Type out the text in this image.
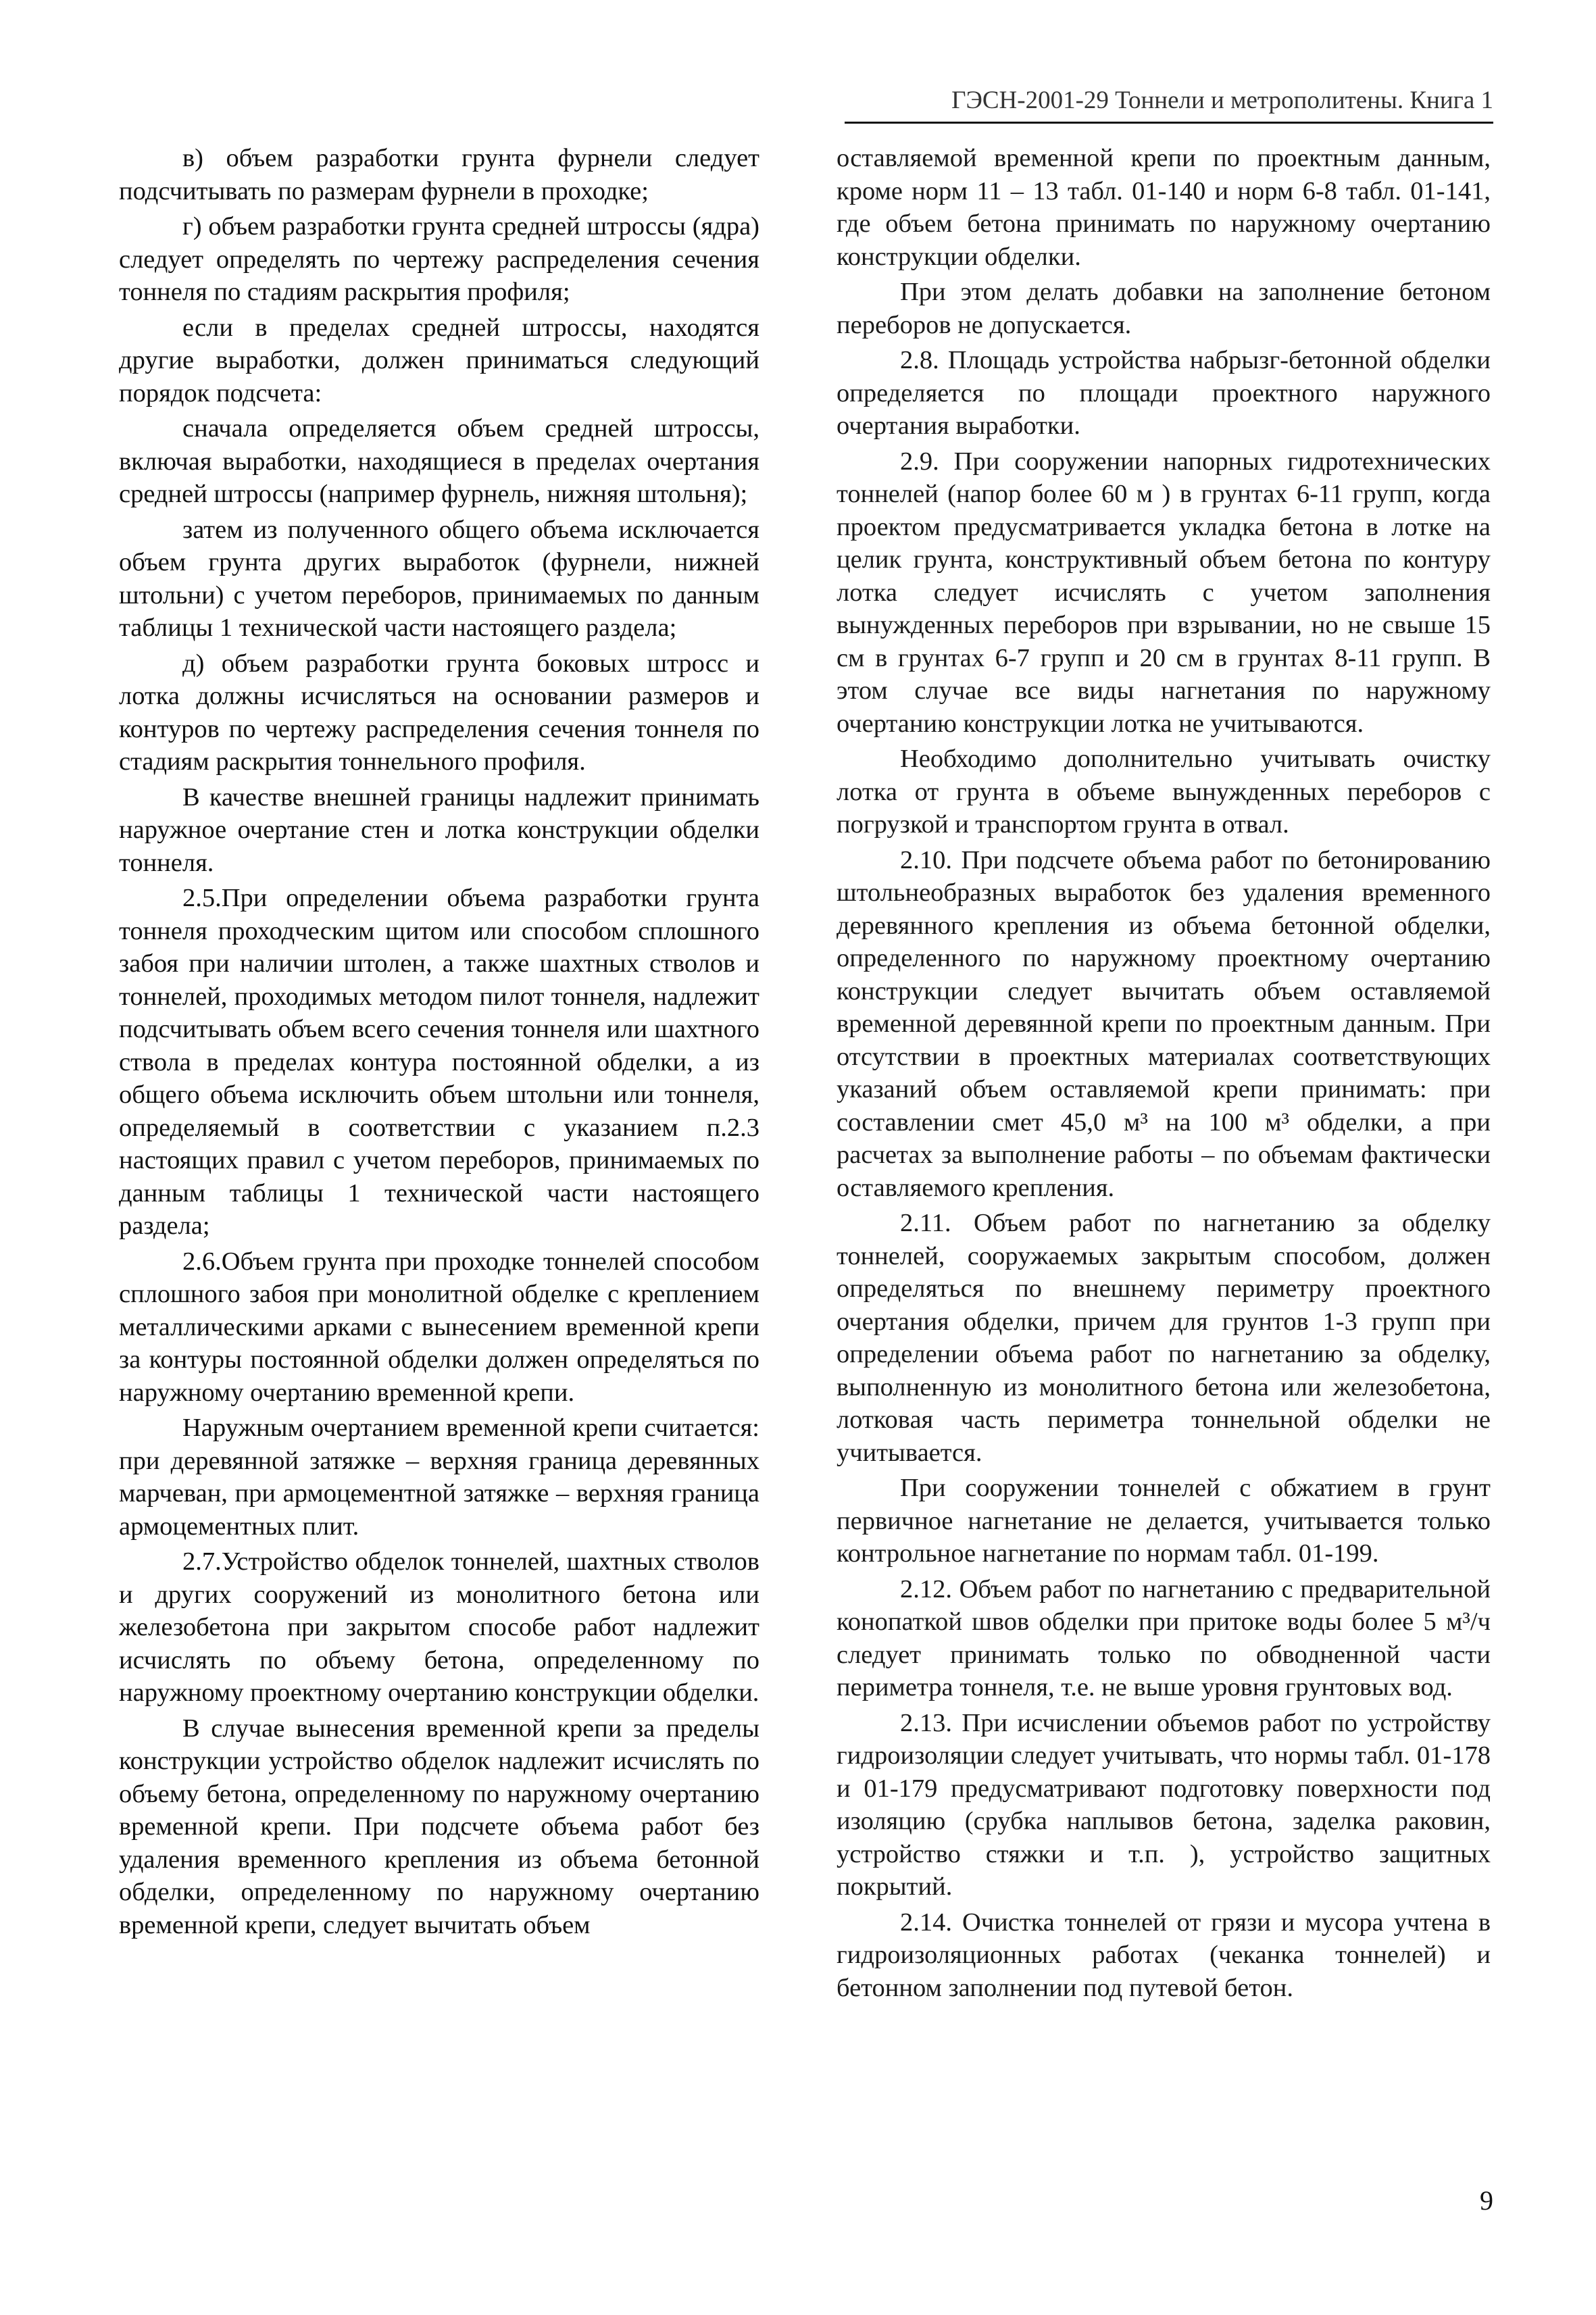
ГЭСН-2001-29 Тоннели и метрополитены. Книга 1

в) объем разработки грунта фурнели следует подсчитывать по размерам фурнели в проходке;

г) объем разработки грунта средней штроссы (ядра) следует определять по чертежу распределения сечения тоннеля по стадиям раскрытия профиля;

если в пределах средней штроссы, находятся другие выработки, должен приниматься следующий порядок подсчета:

сначала определяется объем средней штроссы, включая выработки, находящиеся в пределах очертания средней штроссы (например фурнель, нижняя штольня);

затем из полученного общего объема исключается объем грунта других выработок (фурнели, нижней штольни) с учетом переборов, принимаемых по данным таблицы 1 технической части настоящего раздела;

д) объем разработки грунта боковых штросс и лотка должны исчисляться на основании размеров и контуров по чертежу распределения сечения тоннеля по стадиям раскрытия тоннельного профиля.

В качестве внешней границы надлежит принимать наружное очертание стен и лотка конструкции обделки тоннеля.

2.5.При определении объема разработки грунта тоннеля проходческим щитом или способом сплошного забоя при наличии штолен, а также шахтных стволов и тоннелей, проходимых методом пилот тоннеля, надлежит подсчитывать объем всего сечения тоннеля или шахтного ствола в пределах контура постоянной обделки, а из общего объема исключить объем штольни или тоннеля, определяемый в соответствии с указанием п.2.3 настоящих правил с учетом переборов, принимаемых по данным таблицы 1 технической части настоящего раздела;

2.6.Объем грунта при проходке тоннелей способом сплошного забоя при монолитной обделке с креплением металлическими арками с вынесением временной крепи за контуры постоянной обделки должен определяться по наружному очертанию временной крепи.

Наружным очертанием временной крепи считается: при деревянной затяжке – верхняя граница деревянных марчеван, при армоцементной затяжке – верхняя граница армоцементных плит.

2.7.Устройство обделок тоннелей, шахтных стволов и других сооружений из монолитного бетона или железобетона при закрытом способе работ надлежит исчислять по объему бетона, определенному по наружному проектному очертанию конструкции обделки.

В случае вынесения временной крепи за пределы конструкции устройство обделок надлежит исчислять по объему бетона, определенному по наружному очертанию временной крепи. При подсчете объема работ без удаления временного крепления из объема бетонной обделки, определенному по наружному очертанию временной крепи, следует вычитать объем

оставляемой временной крепи по проектным данным, кроме норм 11 – 13 табл. 01-140 и норм 6-8 табл. 01-141, где объем бетона принимать по наружному очертанию конструкции обделки.

При этом делать добавки на заполнение бетоном переборов не допускается.

2.8. Площадь устройства набрызг-бетонной обделки определяется по площади проектного наружного очертания выработки.

2.9. При сооружении напорных гидротехнических тоннелей (напор более 60 м ) в грунтах 6-11 групп, когда проектом предусматривается укладка бетона в лотке на целик грунта, конструктивный объем бетона по контуру лотка следует исчислять с учетом заполнения вынужденных переборов при взрывании, но не свыше 15 см в грунтах 6-7 групп и 20 см в грунтах 8-11 групп. В этом случае все виды нагнетания по наружному очертанию конструкции лотка не учитываются.

Необходимо дополнительно учитывать очистку лотка от грунта в объеме вынужденных переборов с погрузкой и транспортом грунта в отвал.

2.10. При подсчете объема работ по бетонированию штольнеобразных выработок без удаления временного деревянного крепления из объема бетонной обделки, определенного по наружному проектному очертанию конструкции следует вычитать объем оставляемой временной деревянной крепи по проектным данным. При отсутствии в проектных материалах соответствующих указаний объем оставляемой крепи принимать: при составлении смет 45,0 м³ на 100 м³ обделки, а при расчетах за выполнение работы – по объемам фактически оставляемого крепления.

2.11. Объем работ по нагнетанию за обделку тоннелей, сооружаемых закрытым способом, должен определяться по внешнему периметру проектного очертания обделки, причем для грунтов 1-3 групп при определении объема работ по нагнетанию за обделку, выполненную из монолитного бетона или железобетона, лотковая часть периметра тоннельной обделки не учитывается.

При сооружении тоннелей с обжатием в грунт первичное нагнетание не делается, учитывается только контрольное нагнетание по нормам табл. 01-199.

2.12. Объем работ по нагнетанию с предварительной конопаткой швов обделки при притоке воды более 5 м³/ч следует принимать только по обводненной части периметра тоннеля, т.е. не выше уровня грунтовых вод.

2.13. При исчислении объемов работ по устройству гидроизоляции следует учитывать, что нормы табл. 01-178 и 01-179 предусматривают подготовку поверхности под изоляцию (срубка наплывов бетона, заделка раковин, устройство стяжки и т.п. ), устройство защитных покрытий.

2.14. Очистка тоннелей от грязи и мусора учтена в гидроизоляционных работах (чеканка тоннелей) и бетонном заполнении под путевой бетон.

9
